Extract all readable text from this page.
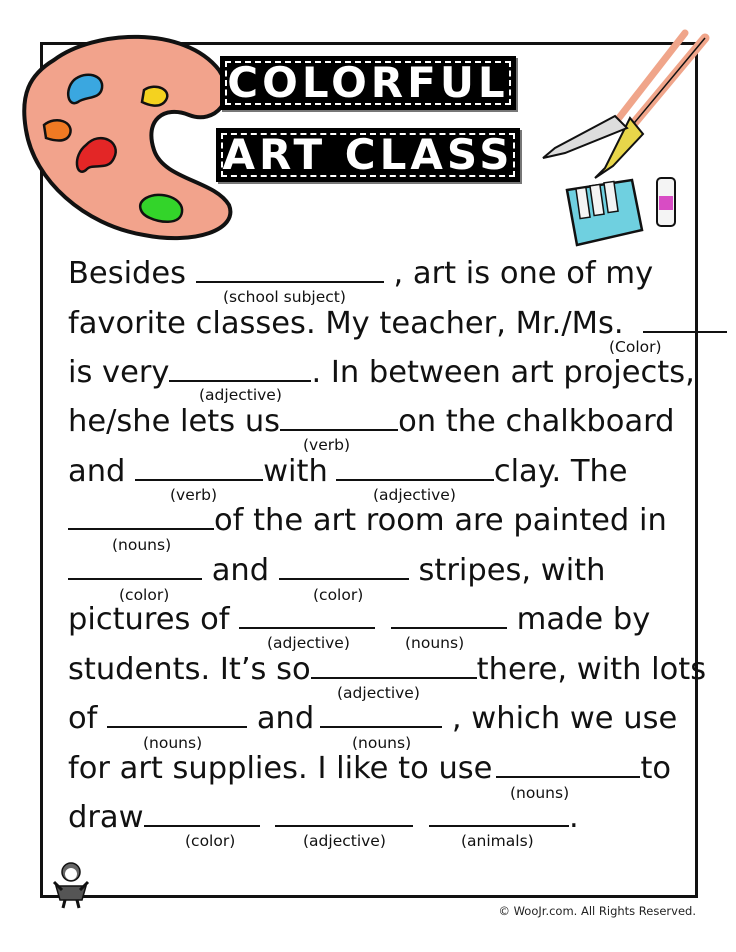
COLORFUL
ART CLASS
Besides	, art is one of my
(school subject)
favorite classes. My teacher, Mr./Ms.
(Color)
is very	. In between art projects,
(adjective)
he/she lets us	on the chalkboard
(verb)
and	with	clay. The
(verb)	(adjective)
of the art room are painted in
(nouns)
and	stripes, with
(color)	(color)
pictures of	made by
(adjective)	(nouns)
students. It’s so	there, with lots
(adjective)
of	and	, which we use
(nouns)	(nouns)
for art supplies. I like to use	to
(nouns)
draw	.
(color)	(adjective)	(animals)
© WooJr.com. All Rights Reserved.
